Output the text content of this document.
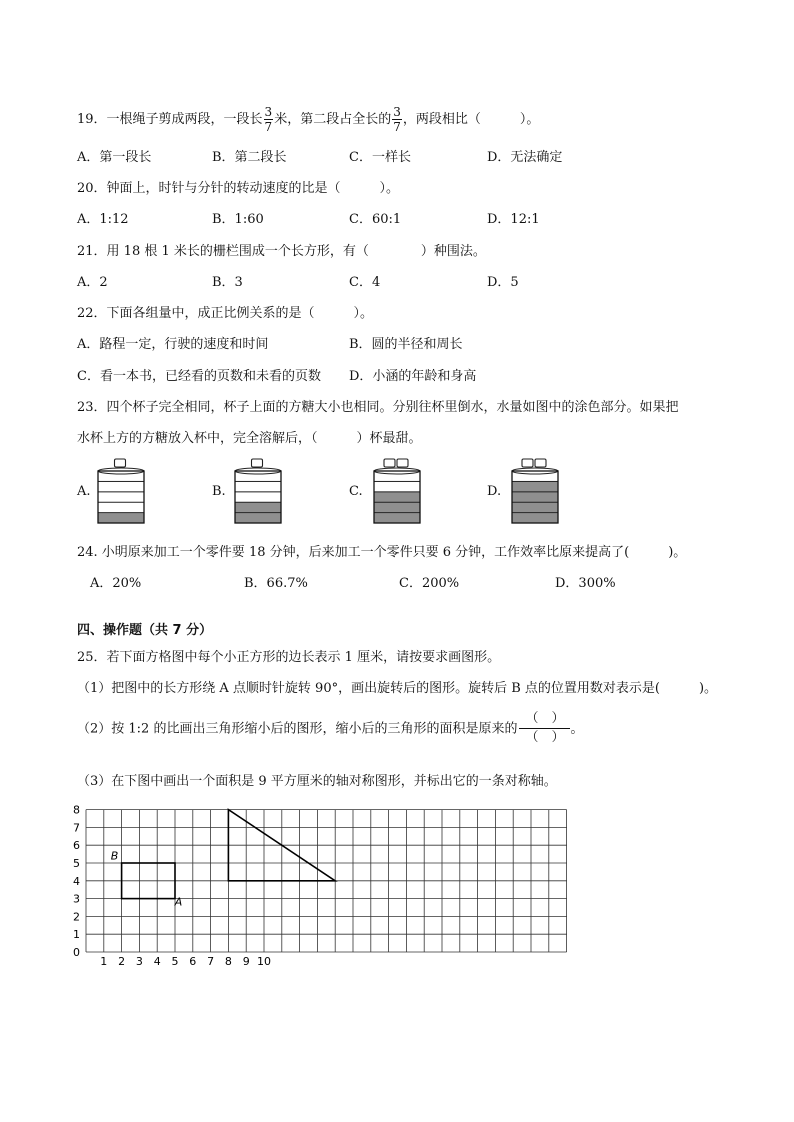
19．一根绳子剪成两段，一段长 $\frac{3}{7}$ 米，第二段占全长的 $\frac{3}{7}$ ，两段相比（　　　）。
A．第一段长	B．第二段长	C．一样长	D．无法确定
20．钟面上，时针与分针的转动速度的比是（　　　）。
A．1:12	B．1:60	C．60:1	D．12:1
21．用 18 根 1 米长的栅栏围成一个长方形，有（　　　　）种围法。
A．2	B．3	C．4	D．5
22．下面各组量中，成正比例关系的是（　　　）。
A．路程一定，行驶的速度和时间	B．圆的半径和周长
C．看一本书，已经看的页数和未看的页数 D．小涵的年龄和身高
23．四个杯子完全相同，杯子上面的方糖大小也相同。分别往杯里倒水，水量如图中的涂色部分。如果把
水杯上方的方糖放入杯中，完全溶解后，（　　　）杯最甜。
A.	B.	C.	D.
24. 小明原来加工一个零件要 18 分钟，后来加工一个零件只要 6 分钟，工作效率比原来提高了(　　　)。
A．20%	B．66.7%	C．200%	D．300%
四、操作题（共 7 分）
25．若下面方格图中每个小正方形的边长表示 1 厘米，请按要求画图形。
（1）把图中的长方形绕 A 点顺时针旋转 90°，画出旋转后的图形。旋转后 B 点的位置用数对表示是(　　　)。
（2）按 1:2 的比画出三角形缩小后的图形，缩小后的三角形的面积是原来的 $\frac{( )}{( )}$ 。
（3）在下图中画出一个面积是 9 平方厘米的轴对称图形，并标出它的一条对称轴。
B
A
0
1
2
3
4
5
6
7
8
1 2 3 4 5 6 7 8 9 10
